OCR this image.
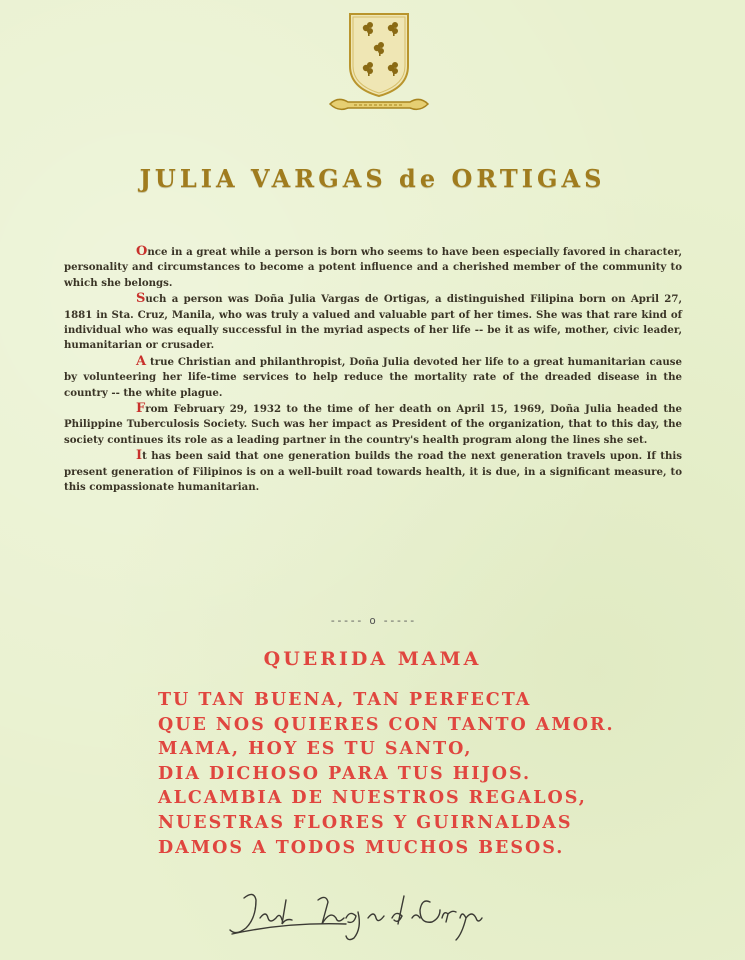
JULIA VARGAS de ORTIGAS

Once in a great while a person is born who seems to have been especially favored in character, personality and circumstances to become a potent influence and a cherished member of the community to which she belongs.

Such a person was Doña Julia Vargas de Ortigas, a distinguished Filipina born on April 27, 1881 in Sta. Cruz, Manila, who was truly a valued and valuable part of her times. She was that rare kind of individual who was equally successful in the myriad aspects of her life -- be it as wife, mother, civic leader, humanitarian or crusader.

A true Christian and philanthropist, Doña Julia devoted her life to a great humanitarian cause by volunteering her life-time services to help reduce the mortality rate of the dreaded disease in the country -- the white plague.

From February 29, 1932 to the time of her death on April 15, 1969, Doña Julia headed the Philippine Tuberculosis Society. Such was her impact as President of the organization, that to this day, the society continues its role as a leading partner in the country's health program along the lines she set.

It has been said that one generation builds the road the next generation travels upon. If this present generation of Filipinos is on a well-built road towards health, it is due, in a significant measure, to this compassionate humanitarian.

----- o -----
QUERIDA MAMA
TU TAN BUENA, TAN PERFECTA
QUE NOS QUIERES CON TANTO AMOR.
MAMA, HOY ES TU SANTO,
DIA DICHOSO PARA TUS HIJOS.
ALCAMBIA DE NUESTROS REGALOS,
NUESTRAS FLORES Y GUIRNALDAS
DAMOS A TODOS MUCHOS BESOS.
